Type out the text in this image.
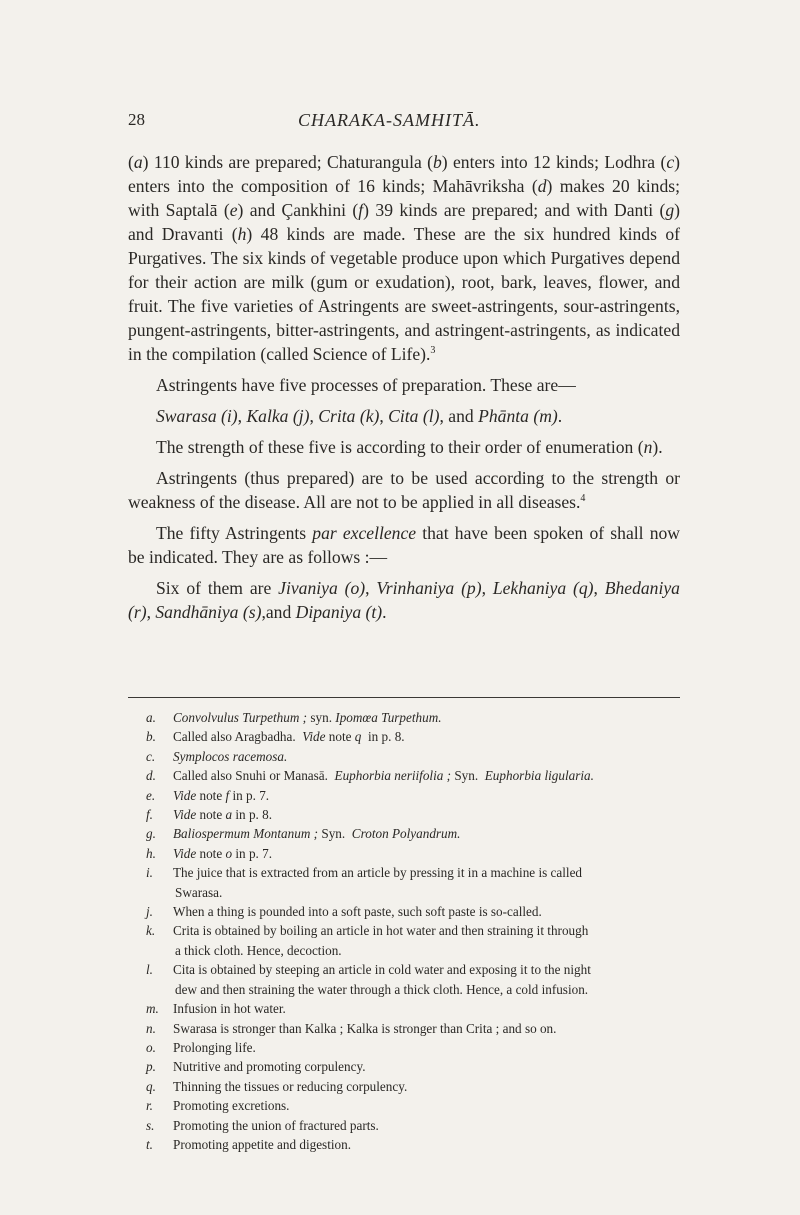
28	CHARAKA-SAMHITĀ.

(a) 110 kinds are prepared; Chaturangula (b) enters into 12 kinds; Lodhra (c) enters into the composition of 16 kinds; Mahāvriksha (d) makes 20 kinds; with Saptalā (e) and Çankhini (f) 39 kinds are prepared; and with Danti (g) and Dravanti (h) 48 kinds are made. These are the six hundred kinds of Purgatives. The six kinds of vegetable produce upon which Purgatives depend for their action are milk (gum or exudation), root, bark, leaves, flower, and fruit. The five varieties of Astringents are sweet-astringents, sour-astringents, pungent-astringents, bitter-astringents, and astringent-astringents, as indicated in the compilation (called Science of Life).$^3$

Astringents have five processes of preparation. These are—

Swarasa (i), Kalka (j), Crita (k), Cita (l), and Phānta (m).

The strength of these five is according to their order of enumeration (n).

Astringents (thus prepared) are to be used according to the strength or weakness of the disease. All are not to be applied in all diseases.$^4$

The fifty Astringents par excellence that have been spoken of shall now be indicated. They are as follows :—

Six of them are Jivaniya (o), Vrinhaniya (p), Lekhaniya (q), Bhedaniya (r), Sandhāniya (s),and Dipaniya (t).

a.	Convolvulus Turpethum ; syn. Ipomœa Turpethum.
b.	Called also Aragbadha. Vide note q in p. 8.
c.	Symplocos racemosa.
d.	Called also Snuhi or Manasā. Euphorbia neriifolia ; Syn. Euphorbia ligularia.
e.	Vide note f in p. 7.
f.	Vide note a in p. 8.
g.	Baliospermum Montanum ; Syn. Croton Polyandrum.
h.	Vide note o in p. 7.
i.	The juice that is extracted from an article by pressing it in a machine is called
Swarasa.
j.	When a thing is pounded into a soft paste, such soft paste is so-called.
k.	Crita is obtained by boiling an article in hot water and then straining it through
a thick cloth. Hence, decoction.
l.	Cita is obtained by steeping an article in cold water and exposing it to the night
dew and then straining the water through a thick cloth. Hence, a cold infusion.
m.	Infusion in hot water.
n.	Swarasa is stronger than Kalka ; Kalka is stronger than Crita ; and so on.
o.	Prolonging life.
p.	Nutritive and promoting corpulency.
q.	Thinning the tissues or reducing corpulency.
r.	Promoting excretions.
s.	Promoting the union of fractured parts.
t.	Promoting appetite and digestion.
